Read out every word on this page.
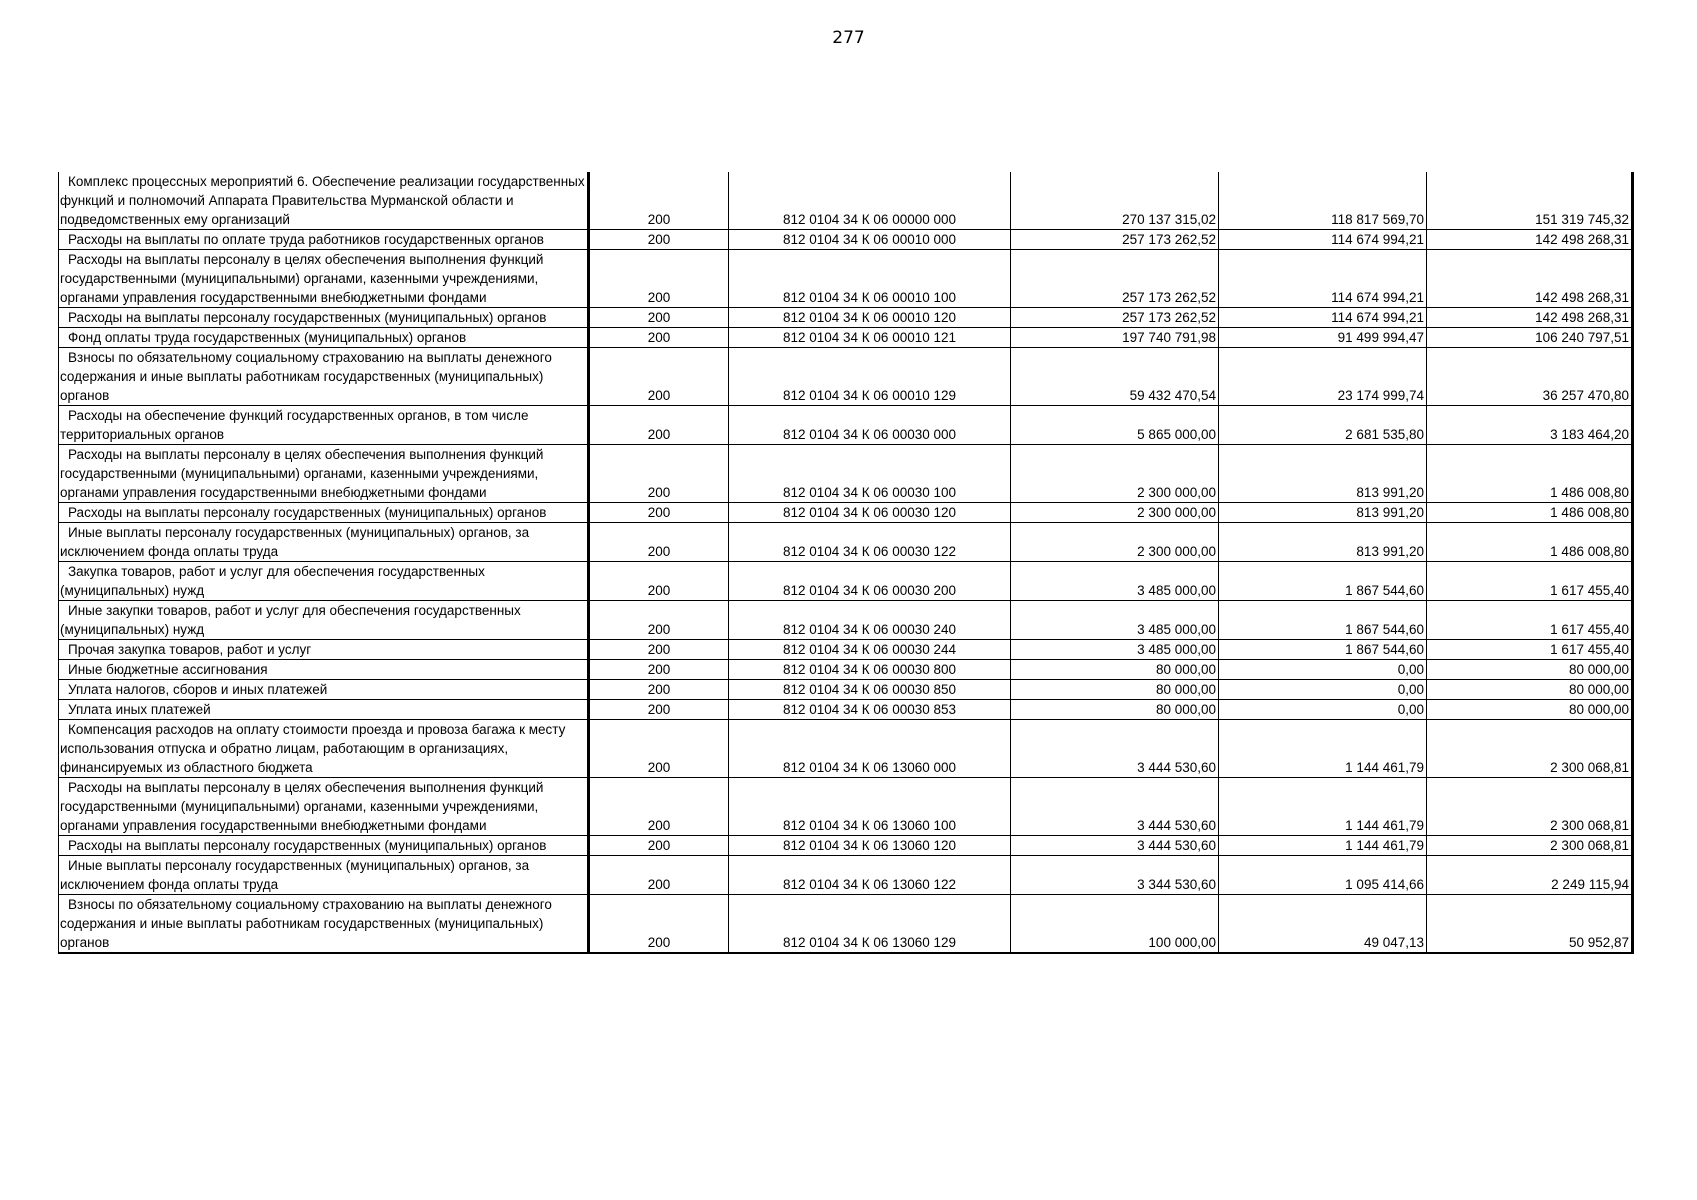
277
Комплекс процессных мероприятий 6. Обеспечение реализации государственных функций и полномочий Аппарата Правительства Мурманской области и подведомственных ему организаций	200	812 0104 34 К 06 00000 000	270 137 315,02	118 817 569,70	151 319 745,32
Расходы на выплаты по оплате труда работников государственных органов	200	812 0104 34 К 06 00010 000	257 173 262,52	114 674 994,21	142 498 268,31
Расходы на выплаты персоналу в целях обеспечения выполнения функций государственными (муниципальными) органами, казенными учреждениями, органами управления государственными внебюджетными фондами	200	812 0104 34 К 06 00010 100	257 173 262,52	114 674 994,21	142 498 268,31
Расходы на выплаты персоналу государственных (муниципальных) органов	200	812 0104 34 К 06 00010 120	257 173 262,52	114 674 994,21	142 498 268,31
Фонд оплаты труда государственных (муниципальных) органов	200	812 0104 34 К 06 00010 121	197 740 791,98	91 499 994,47	106 240 797,51
Взносы по обязательному социальному страхованию на выплаты денежного содержания и иные выплаты работникам государственных (муниципальных) органов	200	812 0104 34 К 06 00010 129	59 432 470,54	23 174 999,74	36 257 470,80
Расходы на обеспечение функций государственных органов, в том числе территориальных органов	200	812 0104 34 К 06 00030 000	5 865 000,00	2 681 535,80	3 183 464,20
Расходы на выплаты персоналу в целях обеспечения выполнения функций государственными (муниципальными) органами, казенными учреждениями, органами управления государственными внебюджетными фондами	200	812 0104 34 К 06 00030 100	2 300 000,00	813 991,20	1 486 008,80
Расходы на выплаты персоналу государственных (муниципальных) органов	200	812 0104 34 К 06 00030 120	2 300 000,00	813 991,20	1 486 008,80
Иные выплаты персоналу государственных (муниципальных) органов, за исключением фонда оплаты труда	200	812 0104 34 К 06 00030 122	2 300 000,00	813 991,20	1 486 008,80
Закупка товаров, работ и услуг для обеспечения государственных (муниципальных) нужд	200	812 0104 34 К 06 00030 200	3 485 000,00	1 867 544,60	1 617 455,40
Иные закупки товаров, работ и услуг для обеспечения государственных (муниципальных) нужд	200	812 0104 34 К 06 00030 240	3 485 000,00	1 867 544,60	1 617 455,40
Прочая закупка товаров, работ и услуг	200	812 0104 34 К 06 00030 244	3 485 000,00	1 867 544,60	1 617 455,40
Иные бюджетные ассигнования	200	812 0104 34 К 06 00030 800	80 000,00	0,00	80 000,00
Уплата налогов, сборов и иных платежей	200	812 0104 34 К 06 00030 850	80 000,00	0,00	80 000,00
Уплата иных платежей	200	812 0104 34 К 06 00030 853	80 000,00	0,00	80 000,00
Компенсация расходов на оплату стоимости проезда и провоза багажа к месту использования отпуска и обратно лицам, работающим в организациях, финансируемых из областного бюджета	200	812 0104 34 К 06 13060 000	3 444 530,60	1 144 461,79	2 300 068,81
Расходы на выплаты персоналу в целях обеспечения выполнения функций государственными (муниципальными) органами, казенными учреждениями, органами управления государственными внебюджетными фондами	200	812 0104 34 К 06 13060 100	3 444 530,60	1 144 461,79	2 300 068,81
Расходы на выплаты персоналу государственных (муниципальных) органов	200	812 0104 34 К 06 13060 120	3 444 530,60	1 144 461,79	2 300 068,81
Иные выплаты персоналу государственных (муниципальных) органов, за исключением фонда оплаты труда	200	812 0104 34 К 06 13060 122	3 344 530,60	1 095 414,66	2 249 115,94
Взносы по обязательному социальному страхованию на выплаты денежного содержания и иные выплаты работникам государственных (муниципальных) органов	200	812 0104 34 К 06 13060 129	100 000,00	49 047,13	50 952,87
